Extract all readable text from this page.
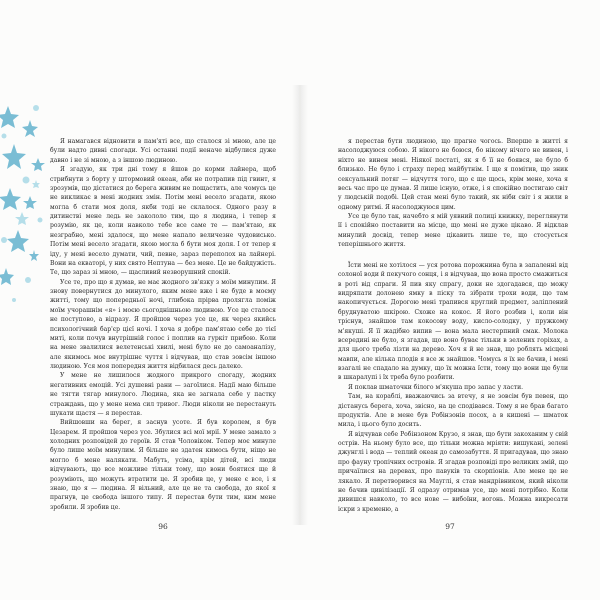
Я намагався відновити в пам'яті все, що сталося зі мною, але це були надто дивні спогади. Усі останні події неначе відбулися дуже давно і не зі мною, а з іншою людиною.

Я згадую, як три дні тому я йшов до корми лайнера, щоб стрибнути з борту у штормовий океан, аби не потрапив під гвинт, я зрозумів, що дістатися до берега живим не пощастить, але чомусь це не викликає в мені жодних змін. Потім мені весело згадати, якою могла б стати моя доля, якби тоді не склалося. Одного разу в дитинстві мене ледь не закололо тим, що я людина, і тепер я розумію, як це, коли навколо тебе все саме те — пам'ятаю, як незграбно, мені здалося, що мене напало величезне чудовисько. Потім мені весело згадати, якою могла б бути моя доля. І от тепер я іду, у мені весело думати, чий, певне, зараз переполох на лайнері. Вони на екваторі, у них свято Нептуна — без мене. Це не байдужість. Те, що зараз зі мною, — щасливий незворушний спокій.

Усе те, про що я думав, не має жодного зв'язку з моїм минулим. Я знову повернутися до минулого, яким мене вже і не буде в моєму житті, тому що попередньої ночі, глибока прірва пролягла поміж моїм учорашнім «я» і моєю сьогоднішньою людиною. Усе це сталося не поступово, а відразу. Я пройшов через усе це, як через якийсь психологічний бар'єр цієї ночі. І хоча я добре пам'ятаю себе до тієї миті, коли почув внутрішній голос і поплив на гуркіт прибою. Коли на мене звалилися велетенські хвилі, мені було не до самоаналізу, але якимось моє внутрішнє чуття і відчував, що став зовсім іншою людиною. Уся моя попередня життя відбилася десь далеко.

У мене не лишилося жодного прикрого спогаду, жодних негативних емоцій. Усі душевні рани — загоїлися. Надії маю більше не тягти тягар минулого. Людина, яка не загнала себе у пастку страждань, що у мене нема сил тривог. Люди ніколи не перестануть шукати щастя — я перестав.

Вийшовши на берег, я заснув усоте. Я був королем, я був Цезарем. Я пройшов через усе. Збулися всі мої мрії. У мене замало з холодних розповідей до героїв. Я став Чоловіком. Тепер моє минуле було лише моїм минулим. Я більше не здатен кимось бути, ніщо не могло б мене налякати. Мабуть, усіма, крім дітей, всі люди відчувають, що все можливе тільки тому, що вони боятися ще й розуміють, що можуть втратити це. Я зробив це, у мене є все, і я знаю, що я — людина. Я вільний, але це не та свобода, до якої я прагнув, це свобода іншого типу. Я перестав бути тим, ким мене зробили. Я зробив це.

96

я перестав бути людиною, що прагне чогось. Вперше в житті я насолоджуюся собою. Я нікого не боюся, бо нікому нічого не винен, і ніхто не винен мені. Ніякої постаті, як я б її не боявся, не було б близько. Не було і страху перед майбутнім. І ще я помітив, що зник сексуальний потяг — відчуття того, що є ще щось, крім мене, хоча я весь час про це думав. Я лише існую, отже, і я спокійно постигаю світ у людській подобі. Цей стан мені було такий, як ніби світ і я жили в одному ритмі. Я насолоджуюся цим.

Усе це було так, начебто я мій уявний полиці книжку, переглянути її і спокійно поставити на місце, що мені не дуже цікаво. Я відклав минулий досвід, тепер мене цікавить лише те, що стосується теперішнього життя.

Їсти мені не хотілося — уся ротова порожнина була в запаленні від солоної води й пекучого сонця, і я відчував, що вона просто смажиться в роті від спраги. Я пив яку спрагу, доки не здогадався, що можу видряпати долонею ямку в піску та зібрати трохи води, що там накопичується. Дорогою мені трапився круглий предмет, заліплений бруднуватою шкірою. Схоже на кокос. Я його розбив і, коли він тріснув, знайшов там кокосову воду, кисло-солодку, у пружкому м'якуші. Я її жадібно випив — вона мала нестерпний смак. Молока всередині не було, я згадав, що воно буває тільки в зелених горіхах, а для цього треба лізти на дерево. Хоч я й не знав, що роблять місцеві мавпи, але кілька плодів я все ж знайшов. Чомусь я їх не бачив, і мені взагалі не спадало на думку, що їх можна їсти, тому що вони ще були в шкаралупі і їх треба було розбити.

Я поклав шматочки білого м'якуша про запас у ласти.

Там, на кораблі, вважаючись за втечу, я не зовсім був певен, що дістанусь берега, хоча, звісно, на це сподівався. Тому я не брав багато продуктів. Але в мене був Робінзонів посох, а в кишені — шматок мила, і цього було досить.

Я відчував себе Робінзоном Крузо, я знав, що бути закоханим у свій острів. На ньому було все, що тільки можна мріяти: вишукані, зелені джунглі і вода — теплий океан до самозабуття. Я пригадував, що знаю про фауну тропічних островів. Я згадав розповіді про великих змій, що причаїлися на деревах, про павуків та скорпіонів. Але мене це не лякало. Я перетворився на Мауглі, я став мандрівником, який ніколи не бачив цивілізації. Я одразу отримав усе, що мені потрібно. Коли дивишся навколо, то все нове — вибоїни, вогонь. Можна викресати іскри з кременю, а

97
